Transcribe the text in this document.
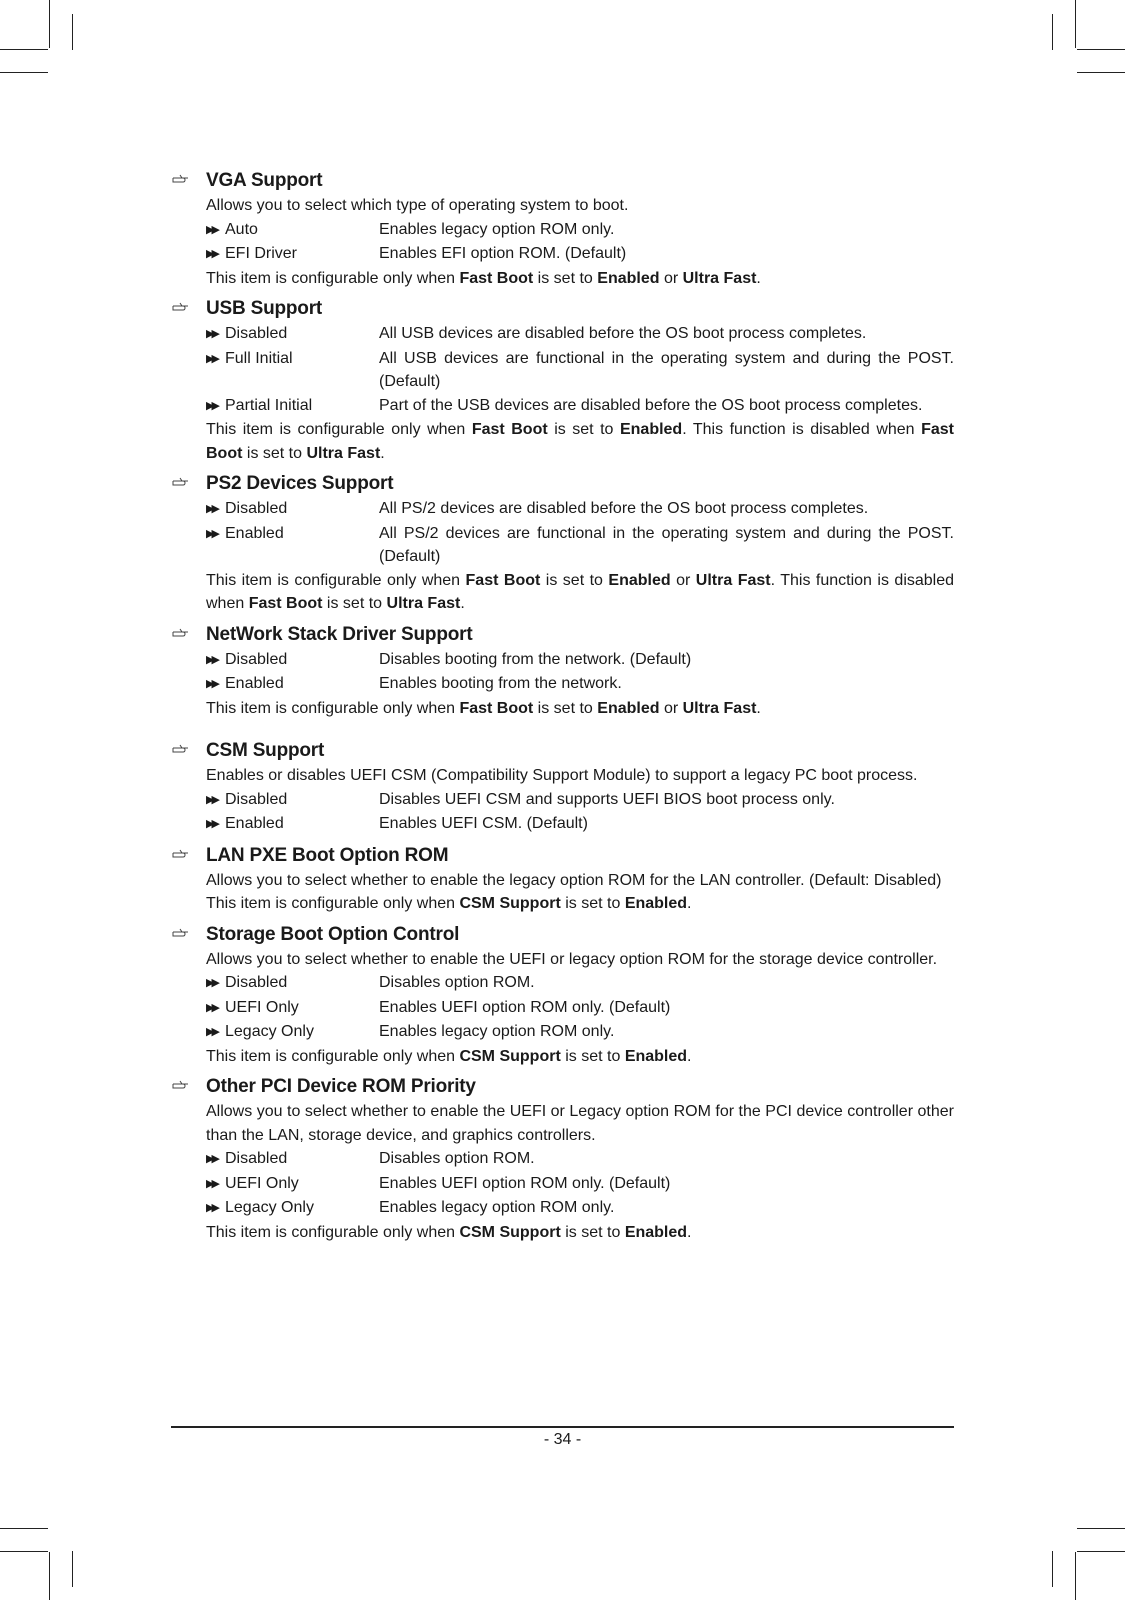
VGA Support
Allows you to select which type of operating system to boot.
▶▶ Auto	Enables legacy option ROM only.
▶▶ EFI Driver	Enables EFI option ROM. (Default)
This item is configurable only when Fast Boot is set to Enabled or Ultra Fast.
USB Support
▶▶ Disabled	All USB devices are disabled before the OS boot process completes.
▶▶ Full Initial	All USB devices are functional in the operating system and during the POST. (Default)
▶▶ Partial Initial	Part of the USB devices are disabled before the OS boot process completes.
This item is configurable only when Fast Boot is set to Enabled. This function is disabled when Fast Boot is set to Ultra Fast.
PS2 Devices Support
▶▶ Disabled	All PS/2 devices are disabled before the OS boot process completes.
▶▶ Enabled	All PS/2 devices are functional in the operating system and during the POST. (Default)
This item is configurable only when Fast Boot is set to Enabled or Ultra Fast. This function is disabled when Fast Boot is set to Ultra Fast.
NetWork Stack Driver Support
▶▶ Disabled	Disables booting from the network. (Default)
▶▶ Enabled	Enables booting from the network.
This item is configurable only when Fast Boot is set to Enabled or Ultra Fast.
CSM Support
Enables or disables UEFI CSM (Compatibility Support Module) to support a legacy PC boot process.
▶▶ Disabled	Disables UEFI CSM and supports UEFI BIOS boot process only.
▶▶ Enabled	Enables UEFI CSM. (Default)
LAN PXE Boot Option ROM
Allows you to select whether to enable the legacy option ROM for the LAN controller. (Default: Disabled)
This item is configurable only when CSM Support is set to Enabled.
Storage Boot Option Control
Allows you to select whether to enable the UEFI or legacy option ROM for the storage device controller.
▶▶ Disabled	Disables option ROM.
▶▶ UEFI Only	Enables UEFI option ROM only. (Default)
▶▶ Legacy Only	Enables legacy option ROM only.
This item is configurable only when CSM Support is set to Enabled.
Other PCI Device ROM Priority
Allows you to select whether to enable the UEFI or Legacy option ROM for the PCI device controller other than the LAN, storage device, and graphics controllers.
▶▶ Disabled	Disables option ROM.
▶▶ UEFI Only	Enables UEFI option ROM only. (Default)
▶▶ Legacy Only	Enables legacy option ROM only.
This item is configurable only when CSM Support is set to Enabled.
- 34 -
